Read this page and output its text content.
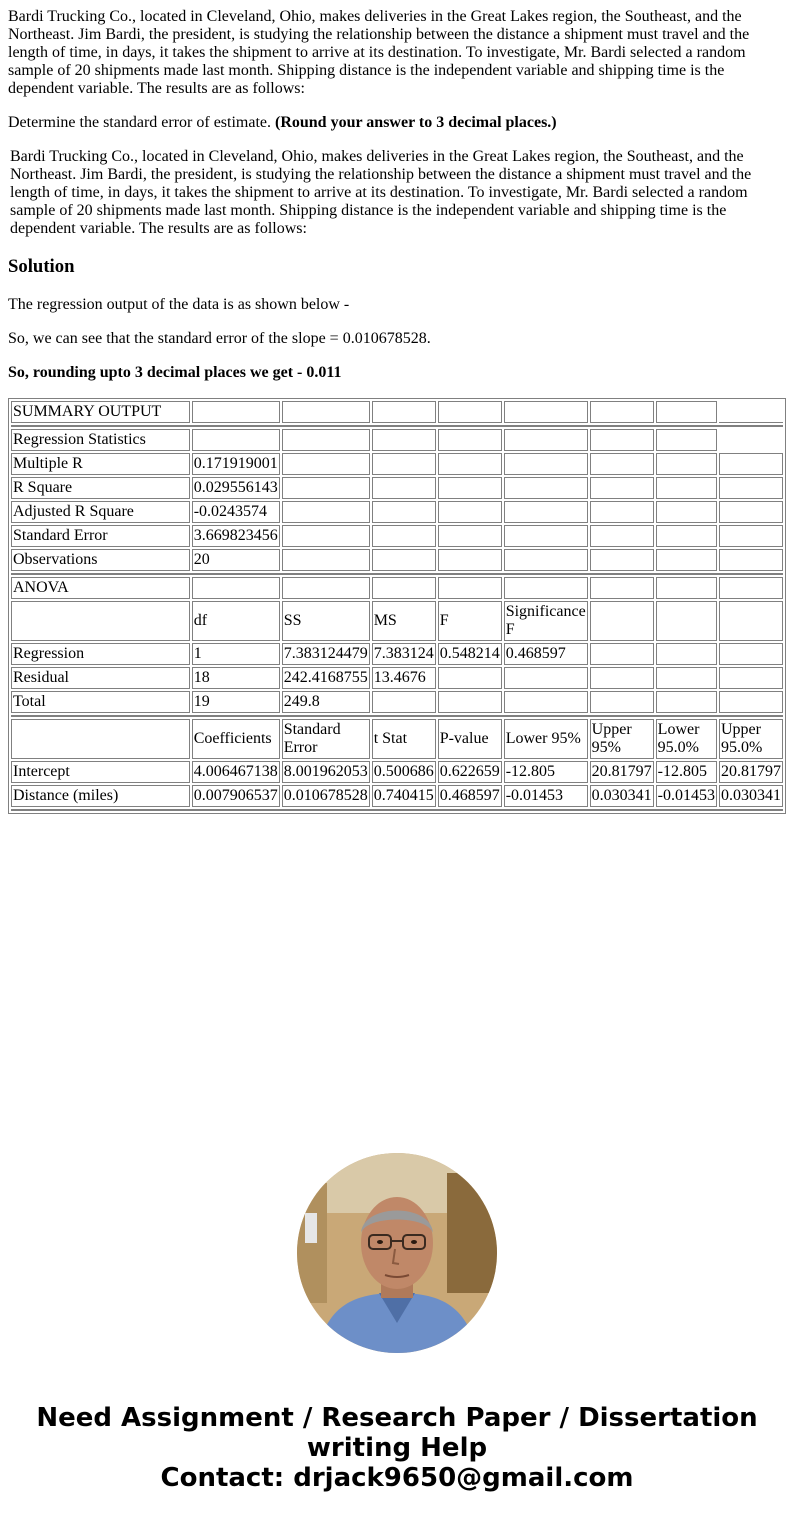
Bardi Trucking Co., located in Cleveland, Ohio, makes deliveries in the Great Lakes region, the Southeast, and the Northeast. Jim Bardi, the president, is studying the relationship between the distance a shipment must travel and the length of time, in days, it takes the shipment to arrive at its destination. To investigate, Mr. Bardi selected a random sample of 20 shipments made last month. Shipping distance is the independent variable and shipping time is the dependent variable. The results are as follows:

Determine the standard error of estimate. (Round your answer to 3 decimal places.)

Bardi Trucking Co., located in Cleveland, Ohio, makes deliveries in the Great Lakes region, the Southeast, and the Northeast. Jim Bardi, the president, is studying the relationship between the distance a shipment must travel and the length of time, in days, it takes the shipment to arrive at its destination. To investigate, Mr. Bardi selected a random sample of 20 shipments made last month. Shipping distance is the independent variable and shipping time is the dependent variable. The results are as follows:

Solution

The regression output of the data is as shown below -

So, we can see that the standard error of the slope = 0.010678528.

So, rounding upto 3 decimal places we get - 0.011

SUMMARY OUTPUT								

Regression Statistics								
Multiple R	0.171919001							
R Square	0.029556143							
Adjusted R Square	-0.0243574							
Standard Error	3.669823456							
Observations	20							

ANOVA								
	df	SS	MS	F	Significance F			
Regression	1	7.383124479	7.383124	0.548214	0.468597			
Residual	18	242.4168755	13.4676					
Total	19	249.8						

	Coefficients	Standard Error	t Stat	P-value	Lower 95%	Upper 95%	Lower 95.0%	Upper 95.0%
Intercept	4.006467138	8.001962053	0.500686	0.622659	-12.805	20.81797	-12.805	20.81797
Distance (miles)	0.007906537	0.010678528	0.740415	0.468597	-0.01453	0.030341	-0.01453	0.030341

Need Assignment / Research Paper / Dissertation
writing Help
Contact: drjack9650@gmail.com
